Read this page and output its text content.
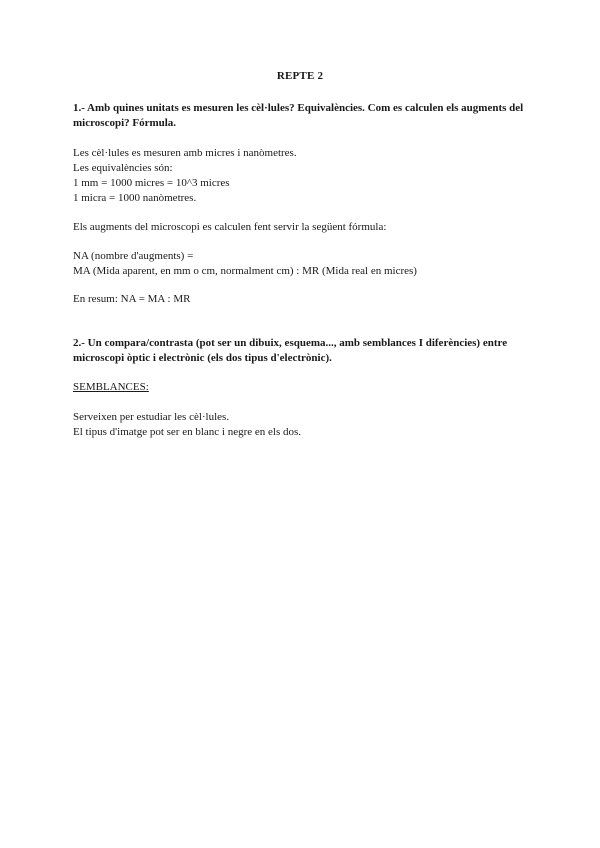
REPTE 2
1.- Amb quines unitats es mesuren les cèl·lules? Equivalències. Com es calculen els augments del
microscopi? Fórmula.
Les cèl·lules es mesuren amb micres i nanòmetres.
Les equivalències són:
1 mm = 1000 micres = 10^3 micres
1 micra = 1000 nanòmetres.
Els augments del microscopi es calculen fent servir la següent fórmula:
NA (nombre d'augments) =
MA (Mida aparent, en mm o cm, normalment cm) : MR (Mida real en micres)
En resum: NA = MA : MR
2.- Un compara/contrasta (pot ser un dibuix, esquema..., amb semblances I diferències) entre
microscopi òptic i electrònic (els dos tipus d'electrònic).
SEMBLANCES:
Serveixen per estudiar les cèl·lules.
El tipus d'imatge pot ser en blanc i negre en els dos.
